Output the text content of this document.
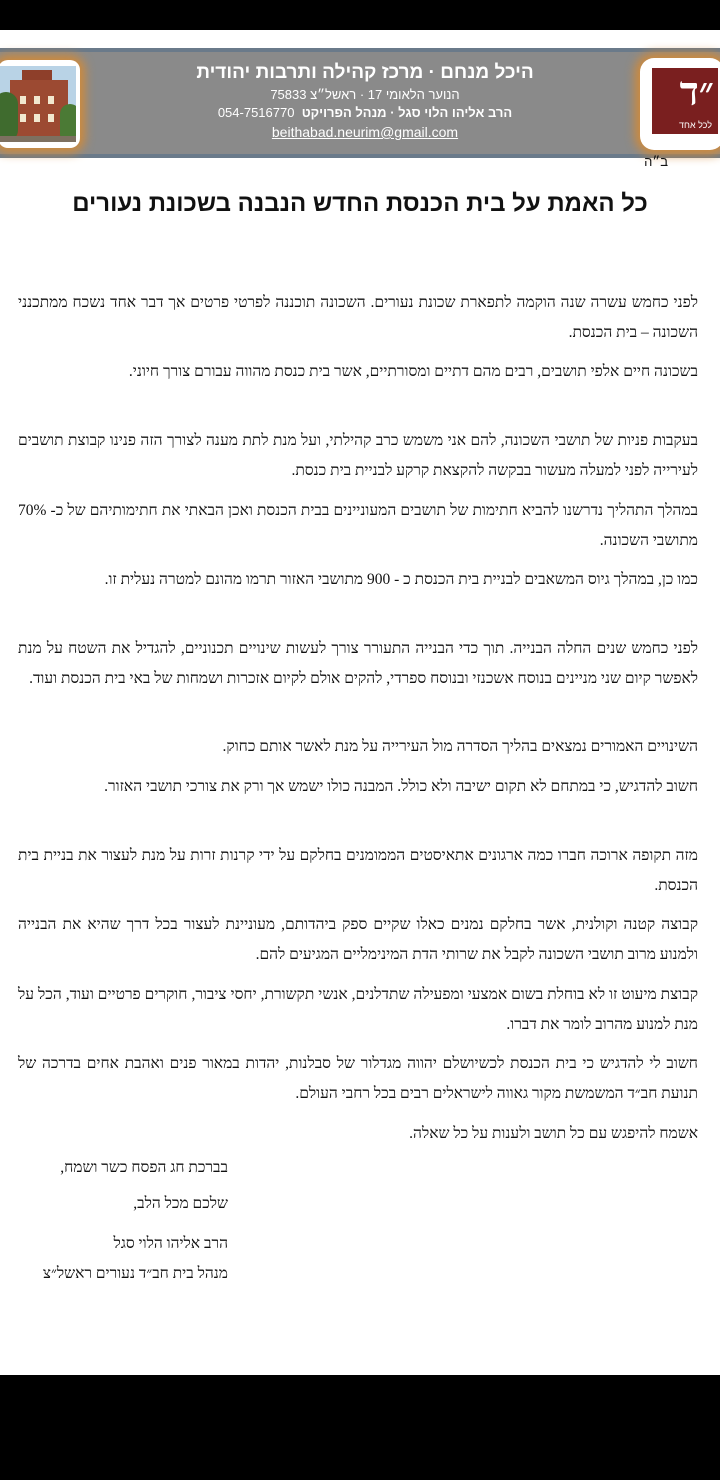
היכל מנחם · מרכז קהילה ותרבות יהודית
הנוער הלאומי 17 · ראשל״צ 75833
הרב אליהו הלוי סגל · מנהל הפרויקט  054-7516770
beithabad.neurim@gmail.com
״ד
לכל אחד
ב״ה
כל האמת על בית הכנסת החדש הנבנה בשכונת נעורים
לפני כחמש עשרה שנה הוקמה לתפארת שכונת נעורים. השכונה תוכננה לפרטי פרטים אך דבר אחד נשכח ממתכנני השכונה – בית הכנסת.
בשכונה חיים אלפי תושבים, רבים מהם דתיים ומסורתיים, אשר בית כנסת מהווה עבורם צורך חיוני.
בעקבות פניות של תושבי השכונה, להם אני משמש כרב קהילתי, ועל מנת לתת מענה לצורך הזה פנינו קבוצת תושבים לעירייה לפני למעלה מעשור בבקשה להקצאת קרקע לבניית בית כנסת.
במהלך התהליך נדרשנו להביא חתימות של תושבים המעוניינים בבית הכנסת ואכן הבאתי את חתימותיהם של כ- 70% מתושבי השכונה.
כמו כן, במהלך גיוס המשאבים לבניית בית הכנסת כ - 900 מתושבי האזור תרמו מהונם למטרה נעלית זו.
לפני כחמש שנים החלה הבנייה. תוך כדי הבנייה התעורר צורך לעשות שינויים תכנוניים, להגדיל את השטח על מנת לאפשר קיום שני מניינים בנוסח אשכנזי ובנוסח ספרדי, להקים אולם לקיום אזכרות ושמחות של באי בית הכנסת ועוד.
השינויים האמורים נמצאים בהליך הסדרה מול העירייה על מנת לאשר אותם כחוק.
חשוב להדגיש, כי במתחם לא תקום ישיבה ולא כולל. המבנה כולו ישמש אך ורק את צורכי תושבי האזור.
מזה תקופה ארוכה חברו כמה ארגונים אתאיסטים הממומנים בחלקם על ידי קרנות זרות על מנת לעצור את בניית בית הכנסת.
קבוצה קטנה וקולנית, אשר בחלקם נמנים כאלו שקיים ספק ביהדותם, מעוניינת לעצור בכל דרך שהיא את הבנייה ולמנוע מרוב תושבי השכונה לקבל את שרותי הדת המינימליים המגיעים להם.
קבוצת מיעוט זו לא בוחלת בשום אמצעי ומפעילה שתדלנים, אנשי תקשורת, יחסי ציבור, חוקרים פרטיים ועוד, הכל על מנת למנוע מהרוב לומר את דברו.
חשוב לי להדגיש כי בית הכנסת לכשיושלם יהווה מגדלור של סבלנות, יהדות במאור פנים ואהבת אחים בדרכה של תנועת חב״ד המשמשת מקור גאווה לישראלים רבים בכל רחבי העולם.
אשמח להיפגש עם כל תושב ולענות על כל שאלה.
בברכת חג הפסח כשר ושמח,
שלכם מכל הלב,
הרב אליהו הלוי סגל
מנהל בית חב״ד נעורים ראשל״צ
